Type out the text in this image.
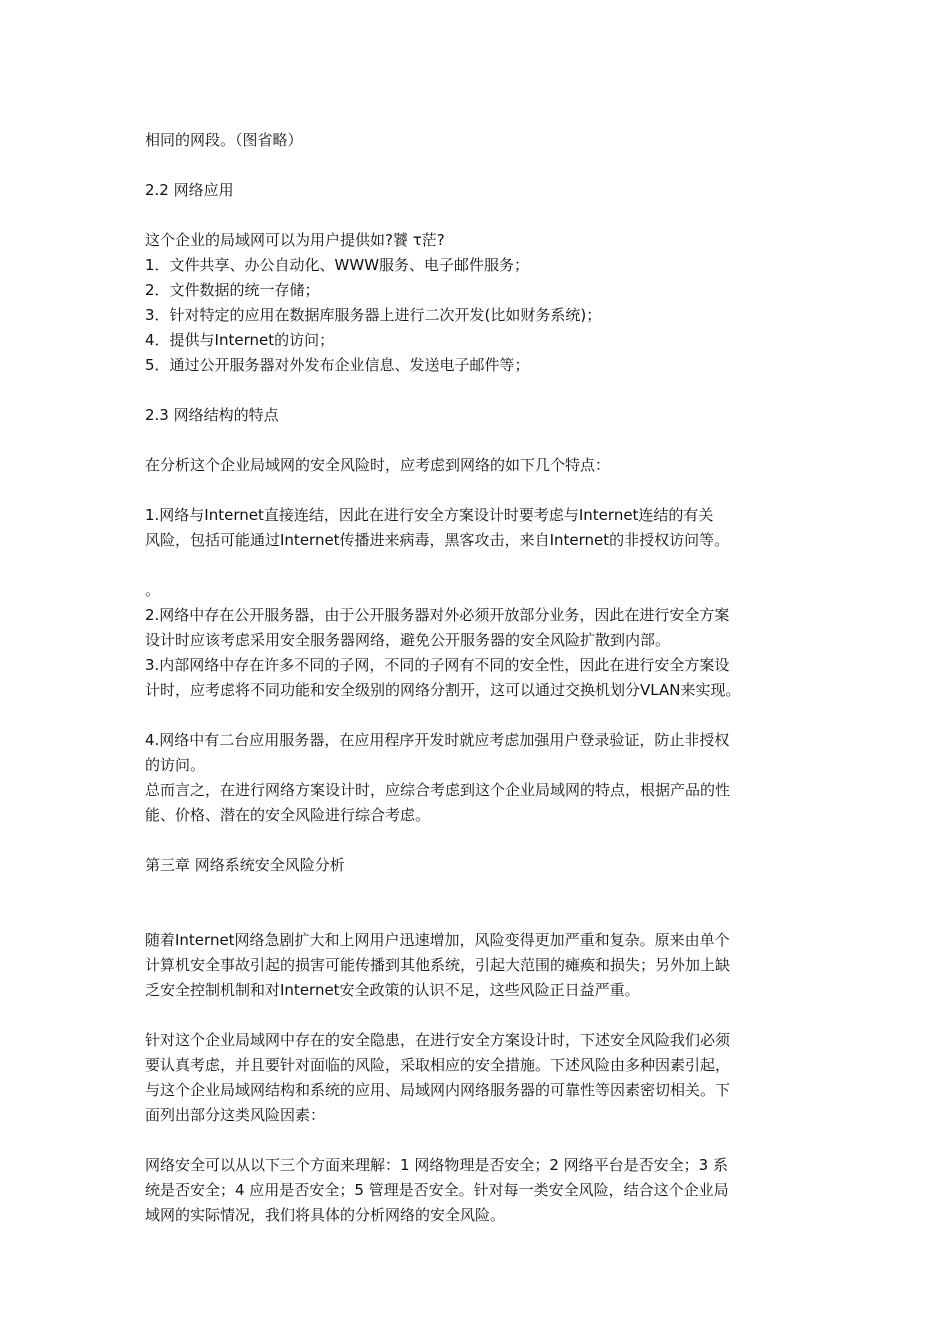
相同的网段。（图省略）
2.2 网络应用
这个企业的局域网可以为用户提供如?饕 τ茫?
1．文件共享、办公自动化、WWW服务、电子邮件服务；
2．文件数据的统一存储；
3．针对特定的应用在数据库服务器上进行二次开发(比如财务系统)；
4．提供与Internet的访问；
5．通过公开服务器对外发布企业信息、发送电子邮件等；
2.3 网络结构的特点
在分析这个企业局域网的安全风险时，应考虑到网络的如下几个特点：
1.网络与Internet直接连结，因此在进行安全方案设计时要考虑与Internet连结的有关
风险，包括可能通过Internet传播进来病毒，黑客攻击，来自Internet的非授权访问等。
。
2.网络中存在公开服务器，由于公开服务器对外必须开放部分业务，因此在进行安全方案
设计时应该考虑采用安全服务器网络，避免公开服务器的安全风险扩散到内部。
3.内部网络中存在许多不同的子网，不同的子网有不同的安全性，因此在进行安全方案设
计时，应考虑将不同功能和安全级别的网络分割开，这可以通过交换机划分VLAN来实现。
4.网络中有二台应用服务器，在应用程序开发时就应考虑加强用户登录验证，防止非授权
的访问。
总而言之，在进行网络方案设计时，应综合考虑到这个企业局域网的特点，根据产品的性
能、价格、潜在的安全风险进行综合考虑。
第三章 网络系统安全风险分析
随着Internet网络急剧扩大和上网用户迅速增加，风险变得更加严重和复杂。原来由单个
计算机安全事故引起的损害可能传播到其他系统，引起大范围的瘫痪和损失；另外加上缺
乏安全控制机制和对Internet安全政策的认识不足，这些风险正日益严重。
针对这个企业局域网中存在的安全隐患，在进行安全方案设计时，下述安全风险我们必须
要认真考虑，并且要针对面临的风险，采取相应的安全措施。下述风险由多种因素引起，
与这个企业局域网结构和系统的应用、局域网内网络服务器的可靠性等因素密切相关。下
面列出部分这类风险因素：
网络安全可以从以下三个方面来理解：1 网络物理是否安全；2 网络平台是否安全；3 系
统是否安全；4 应用是否安全；5 管理是否安全。针对每一类安全风险，结合这个企业局
域网的实际情况，我们将具体的分析网络的安全风险。
